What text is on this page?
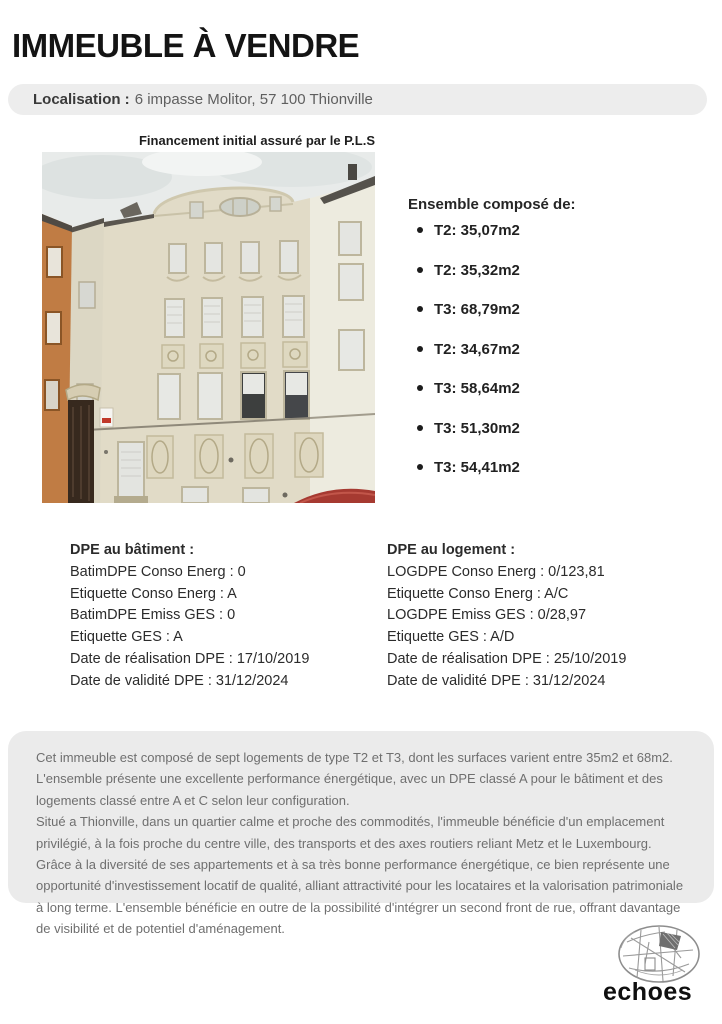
IMMEUBLE À VENDRE
Localisation : 6 impasse Molitor, 57 100 Thionville
Financement initial assuré par le P.L.S
Ensemble composé de:
T2: 35,07m2
T2: 35,32m2
T3: 68,79m2
T2: 34,67m2
T3: 58,64m2
T3: 51,30m2
T3: 54,41m2
DPE au bâtiment :
BatimDPE Conso Energ : 0
Etiquette Conso Energ : A
BatimDPE Emiss GES : 0
Etiquette GES : A
Date de réalisation DPE : 17/10/2019
Date de validité DPE : 31/12/2024
DPE au logement :
LOGDPE Conso Energ : 0/123,81
Etiquette Conso Energ : A/C
LOGDPE Emiss GES : 0/28,97
Etiquette GES : A/D
Date de réalisation DPE : 25/10/2019
Date de validité DPE : 31/12/2024
Cet immeuble est composé de sept logements de type T2 et T3, dont les surfaces varient entre 35m2 et 68m2.
L'ensemble présente une excellente performance énergétique, avec un DPE classé A pour le bâtiment et des logements classé entre A et C selon leur configuration.
Situé a Thionville, dans un quartier calme et proche des commodités, l'immeuble bénéficie d'un emplacement privilégié, à la fois proche du centre ville, des transports et des axes routiers reliant Metz et le Luxembourg. Grâce à la diversité de ses appartements et à sa très bonne performance énergétique, ce bien représente une opportunité d'investissement locatif de qualité, alliant attractivité pour les locataires et la valorisation patrimoniale à long terme. L'ensemble bénéficie en outre de la possibilité d'intégrer un second front de rue, offrant davantage de visibilité et de potentiel d'aménagement.
echoes
